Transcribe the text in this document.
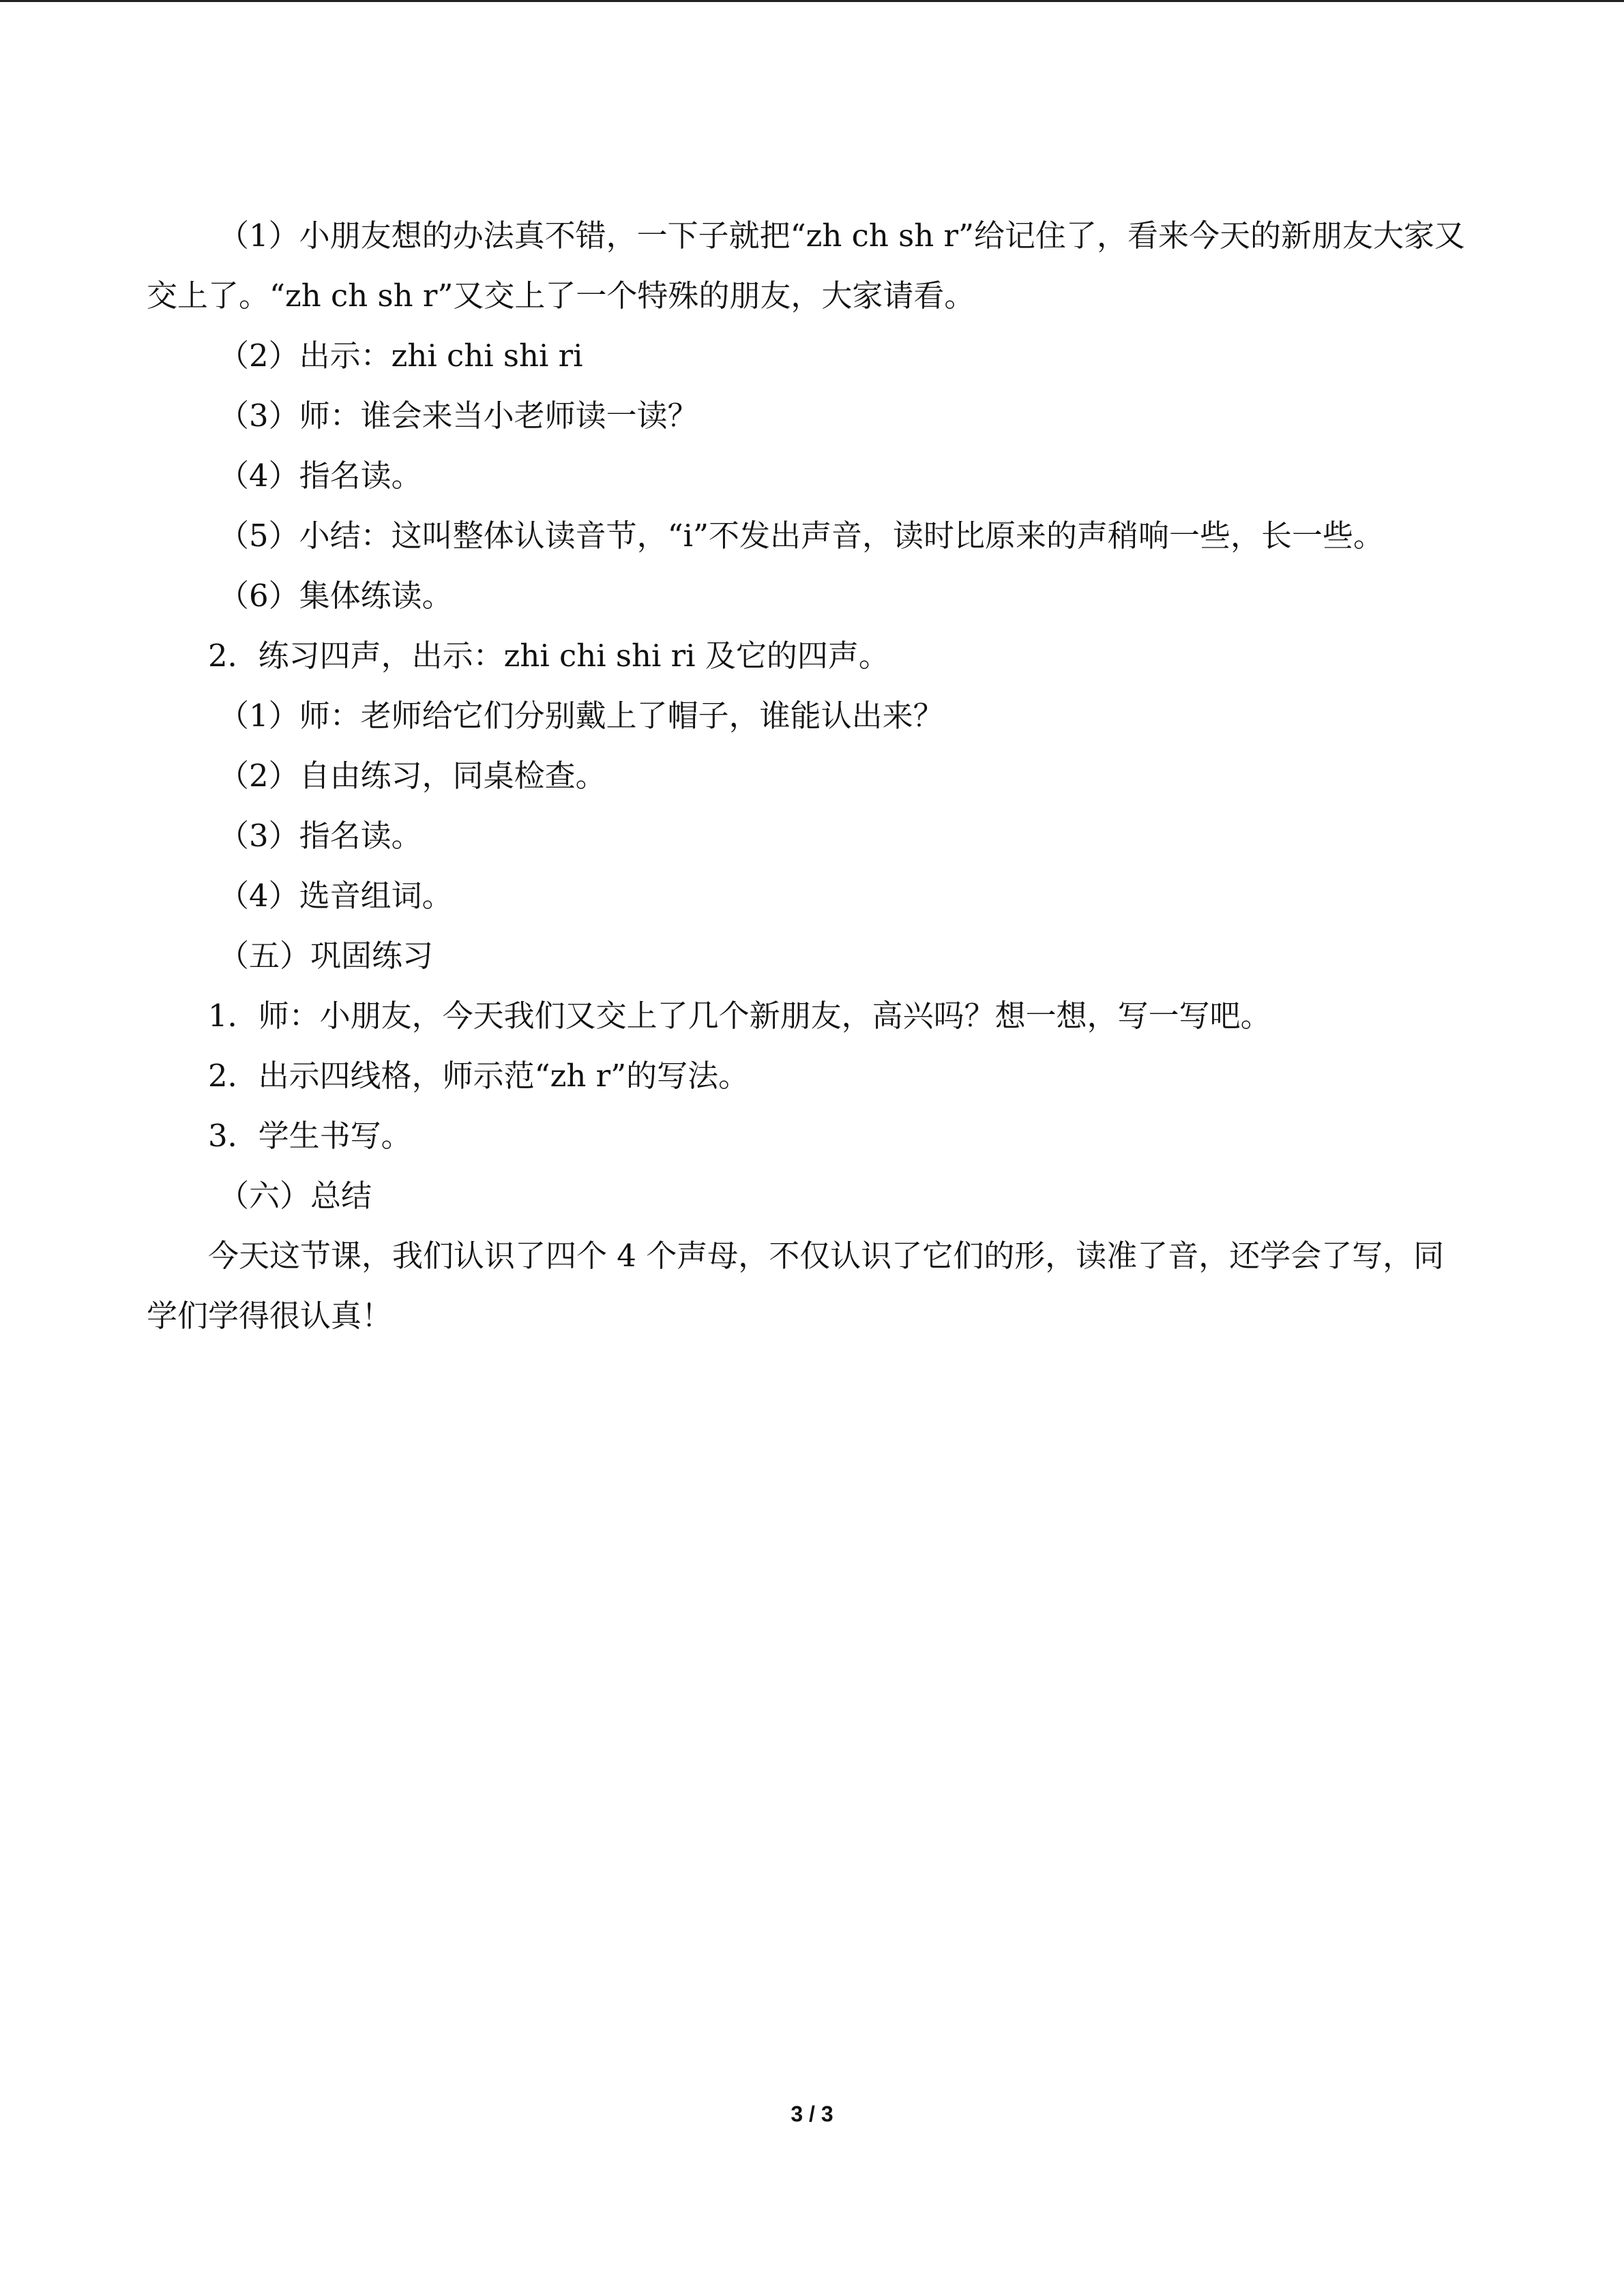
（1）小朋友想的办法真不错，一下子就把“zh ch sh r”给记住了，看来今天的新朋友大家又交上了。“zh ch sh r”又交上了一个特殊的朋友，大家请看。

（2）出示：zhi chi shi ri

（3）师：谁会来当小老师读一读？

（4）指名读。

（5）小结：这叫整体认读音节，“i”不发出声音，读时比原来的声稍响一些，长一些。

（6）集体练读。

2．练习四声，出示：zhi chi shi ri 及它的四声。

（1）师：老师给它们分别戴上了帽子，谁能认出来？

（2）自由练习，同桌检查。

（3）指名读。

（4）选音组词。

（五）巩固练习

1．师：小朋友，今天我们又交上了几个新朋友，高兴吗？想一想，写一写吧。

2．出示四线格，师示范“zh r”的写法。

3．学生书写。

（六）总结

今天这节课，我们认识了四个 4 个声母，不仅认识了它们的形，读准了音，还学会了写，同学们学得很认真！

3 / 3
